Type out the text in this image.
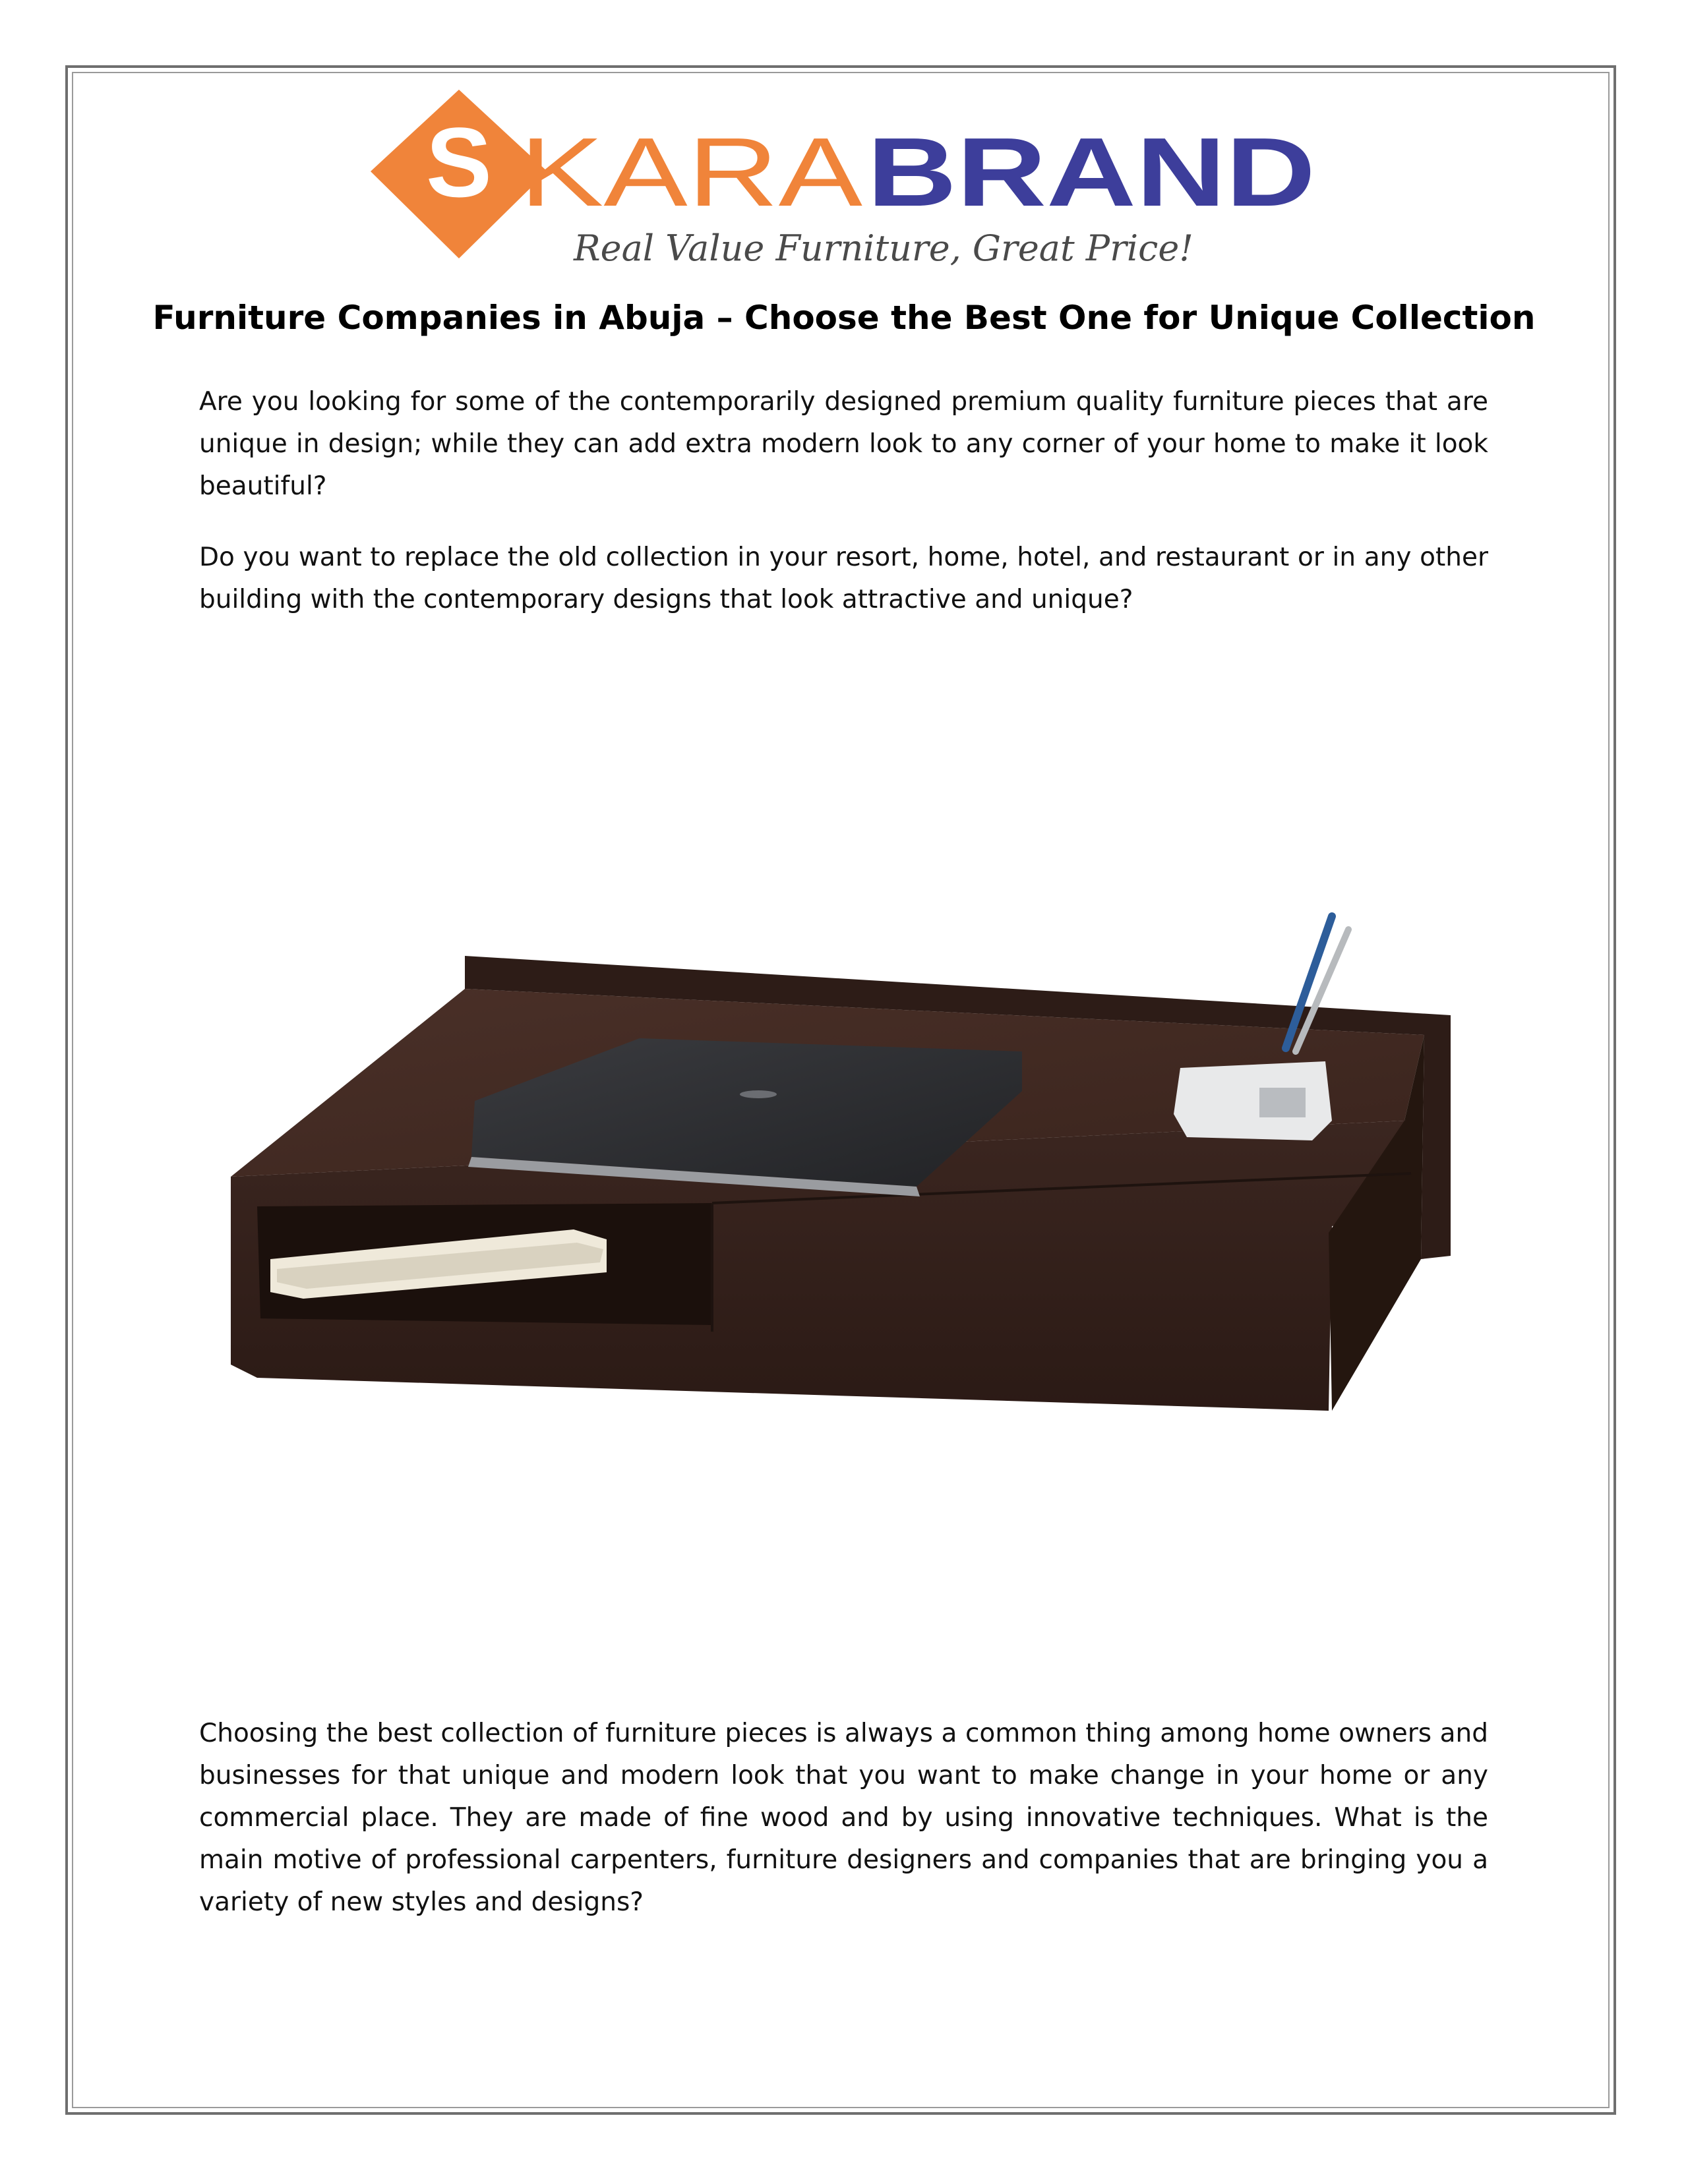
S KARA BRAND
Real Value Furniture, Great Price!
Furniture Companies in Abuja – Choose the Best One for Unique Collection

Are you looking for some of the contemporarily designed premium quality furniture pieces that are unique in design; while they can add extra modern look to any corner of your home to make it look beautiful?

Do you want to replace the old collection in your resort, home, hotel, and restaurant or in any other building with the contemporary designs that look attractive and unique?

Choosing the best collection of furniture pieces is always a common thing among home owners and businesses for that unique and modern look that you want to make change in your home or any commercial place. They are made of fine wood and by using innovative techniques. What is the main motive of professional carpenters, furniture designers and companies that are bringing you a variety of new styles and designs?
